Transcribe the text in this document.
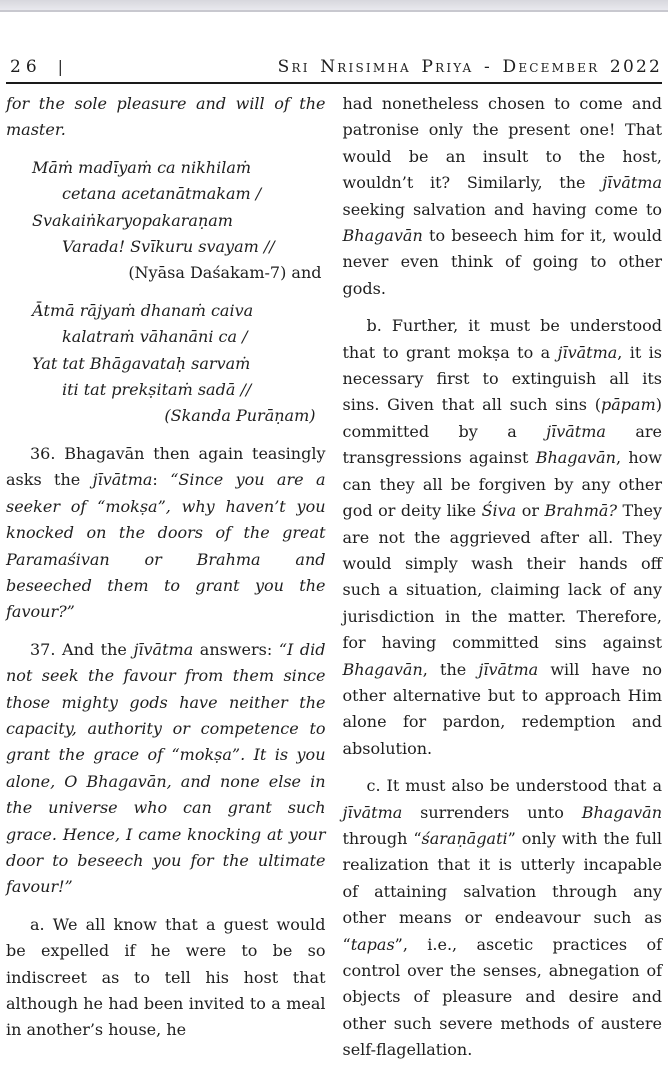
26 |	Sri Nrisimha Priya - December 2022

for the sole pleasure and will of the master.

Māṁ madīyaṁ ca nikhilaṁ
cetana acetanātmakam /
Svakaiṅkaryopakaraṇam
Varada! Svīkuru svayam //
(Nyāsa Daśakam-7) and
Ātmā rājyaṁ dhanaṁ caiva
kalatraṁ vāhanāni ca /
Yat tat Bhāgavataḥ sarvaṁ
iti tat prekṣitaṁ sadā //
(Skanda Purāṇam)

36. Bhagavān then again teasingly asks the jīvātma: “Since you are a seeker of “mokṣa”, why haven’t you knocked on the doors of the great Paramaśivan or Brahma and beseeched them to grant you the favour?”

37. And the jīvātma answers: “I did not seek the favour from them since those mighty gods have neither the capacity, authority or competence to grant the grace of “mokṣa”. It is you alone, O Bhagavān, and none else in the universe who can grant such grace. Hence, I came knocking at your door to beseech you for the ultimate favour!”

a. We all know that a guest would be expelled if he were to be so indiscreet as to tell his host that although he had been invited to a meal in another’s house, he

had nonetheless chosen to come and patronise only the present one! That would be an insult to the host, wouldn’t it? Similarly, the jīvātma seeking salvation and having come to Bhagavān to beseech him for it, would never even think of going to other gods.

b. Further, it must be understood that to grant mokṣa to a jīvātma, it is necessary first to extinguish all its sins. Given that all such sins (pāpam) committed by a jīvātma are transgressions against Bhagavān, how can they all be forgiven by any other god or deity like Śiva or Brahmā? They are not the aggrieved after all. They would simply wash their hands off such a situation, claiming lack of any jurisdiction in the matter. Therefore, for having committed sins against Bhagavān, the jīvātma will have no other alternative but to approach Him alone for pardon, redemption and absolution.

c. It must also be understood that a jīvātma surrenders unto Bhagavān through “śaraṇāgati” only with the full realization that it is utterly incapable of attaining salvation through any other means or endeavour such as “tapas”, i.e., ascetic practices of control over the senses, abnegation of objects of pleasure and desire and other such severe methods of austere self-flagellation.
